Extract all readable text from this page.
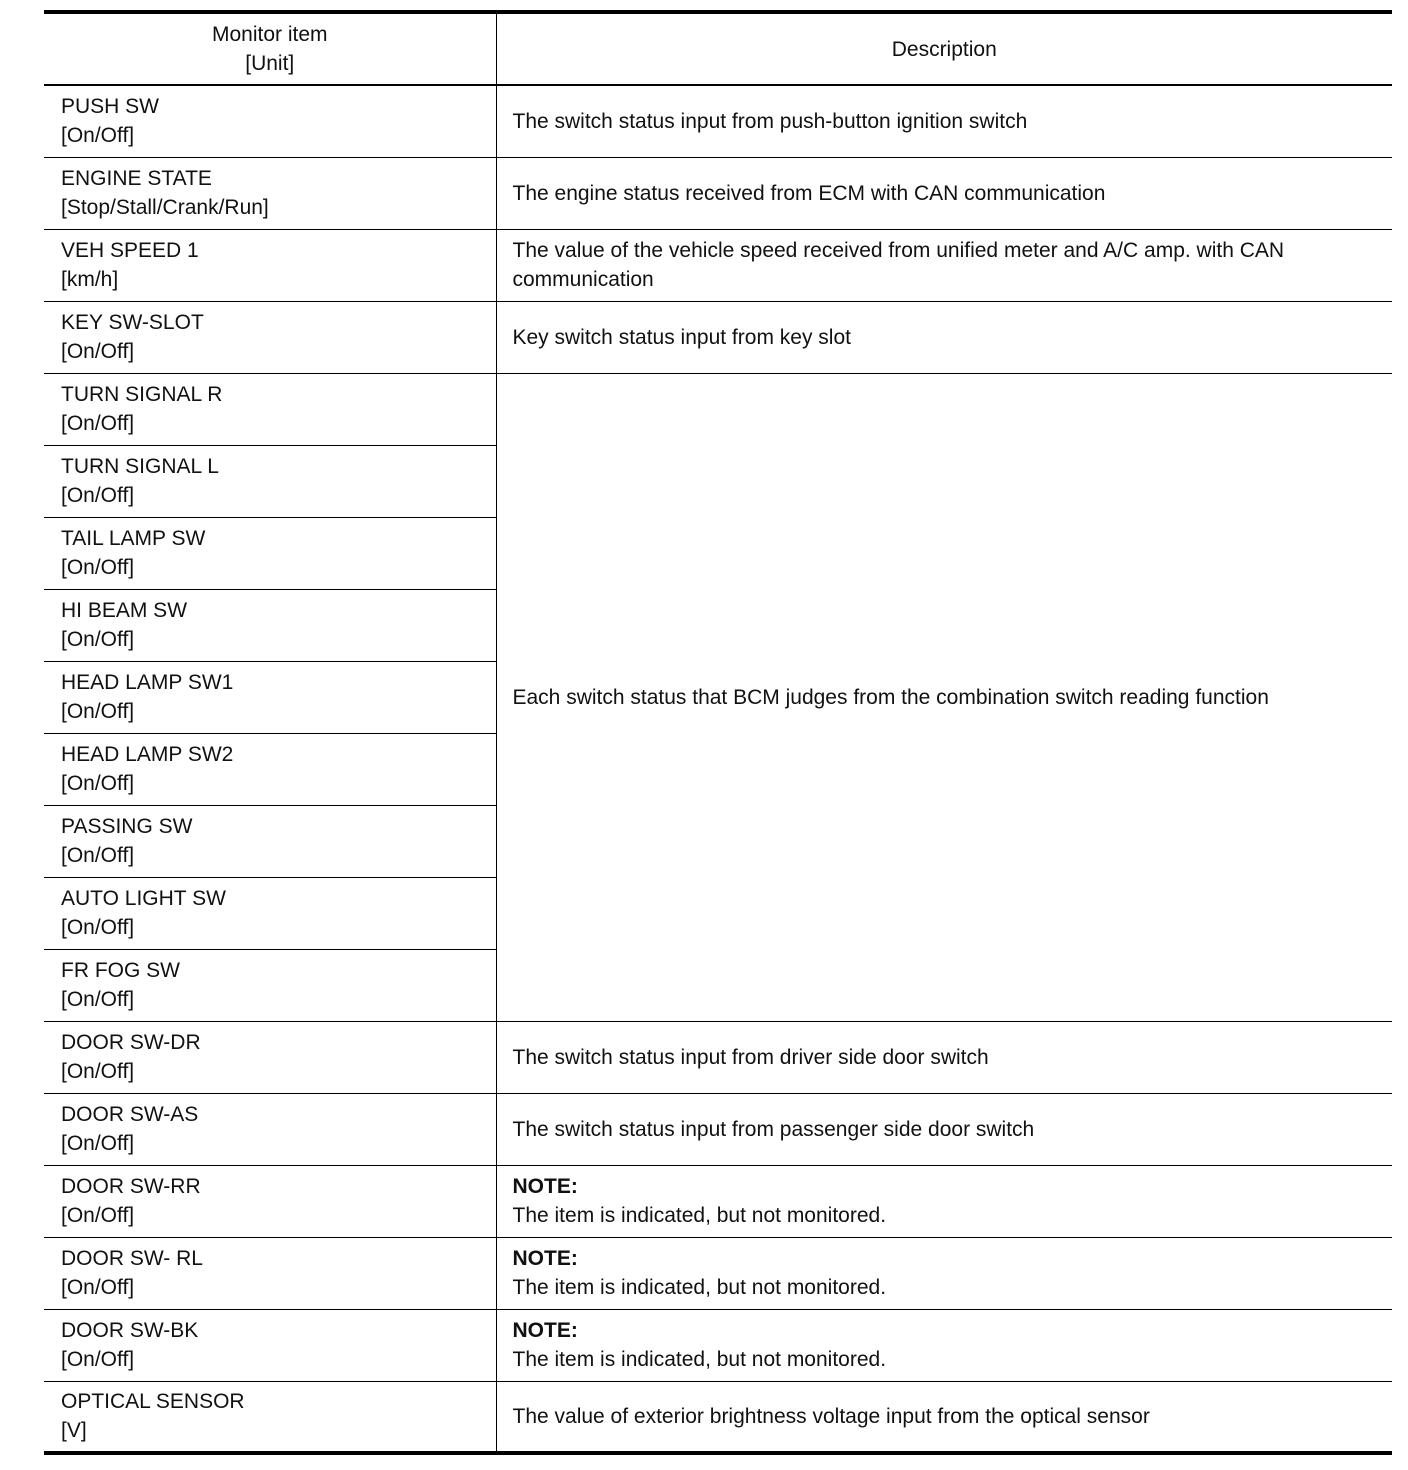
Monitor item
[Unit]	Description

PUSH SW
[On/Off]	The switch status input from push-button ignition switch

ENGINE STATE
[Stop/Stall/Crank/Run]	The engine status received from ECM with CAN communication

VEH SPEED 1
[km/h]	The value of the vehicle speed received from unified meter and A/C amp. with CAN communication

KEY SW-SLOT
[On/Off]	Key switch status input from key slot

TURN SIGNAL R
[On/Off]	Each switch status that BCM judges from the combination switch reading function

TURN SIGNAL L
[On/Off]	

TAIL LAMP SW
[On/Off]	

HI BEAM SW
[On/Off]	

HEAD LAMP SW1
[On/Off]	

HEAD LAMP SW2
[On/Off]	

PASSING SW
[On/Off]	

AUTO LIGHT SW
[On/Off]	

FR FOG SW
[On/Off]	

DOOR SW-DR
[On/Off]	The switch status input from driver side door switch

DOOR SW-AS
[On/Off]	The switch status input from passenger side door switch

DOOR SW-RR
[On/Off]	NOTE:
The item is indicated, but not monitored.

DOOR SW- RL
[On/Off]	NOTE:
The item is indicated, but not monitored.

DOOR SW-BK
[On/Off]	NOTE:
The item is indicated, but not monitored.

OPTICAL SENSOR
[V]	The value of exterior brightness voltage input from the optical sensor
